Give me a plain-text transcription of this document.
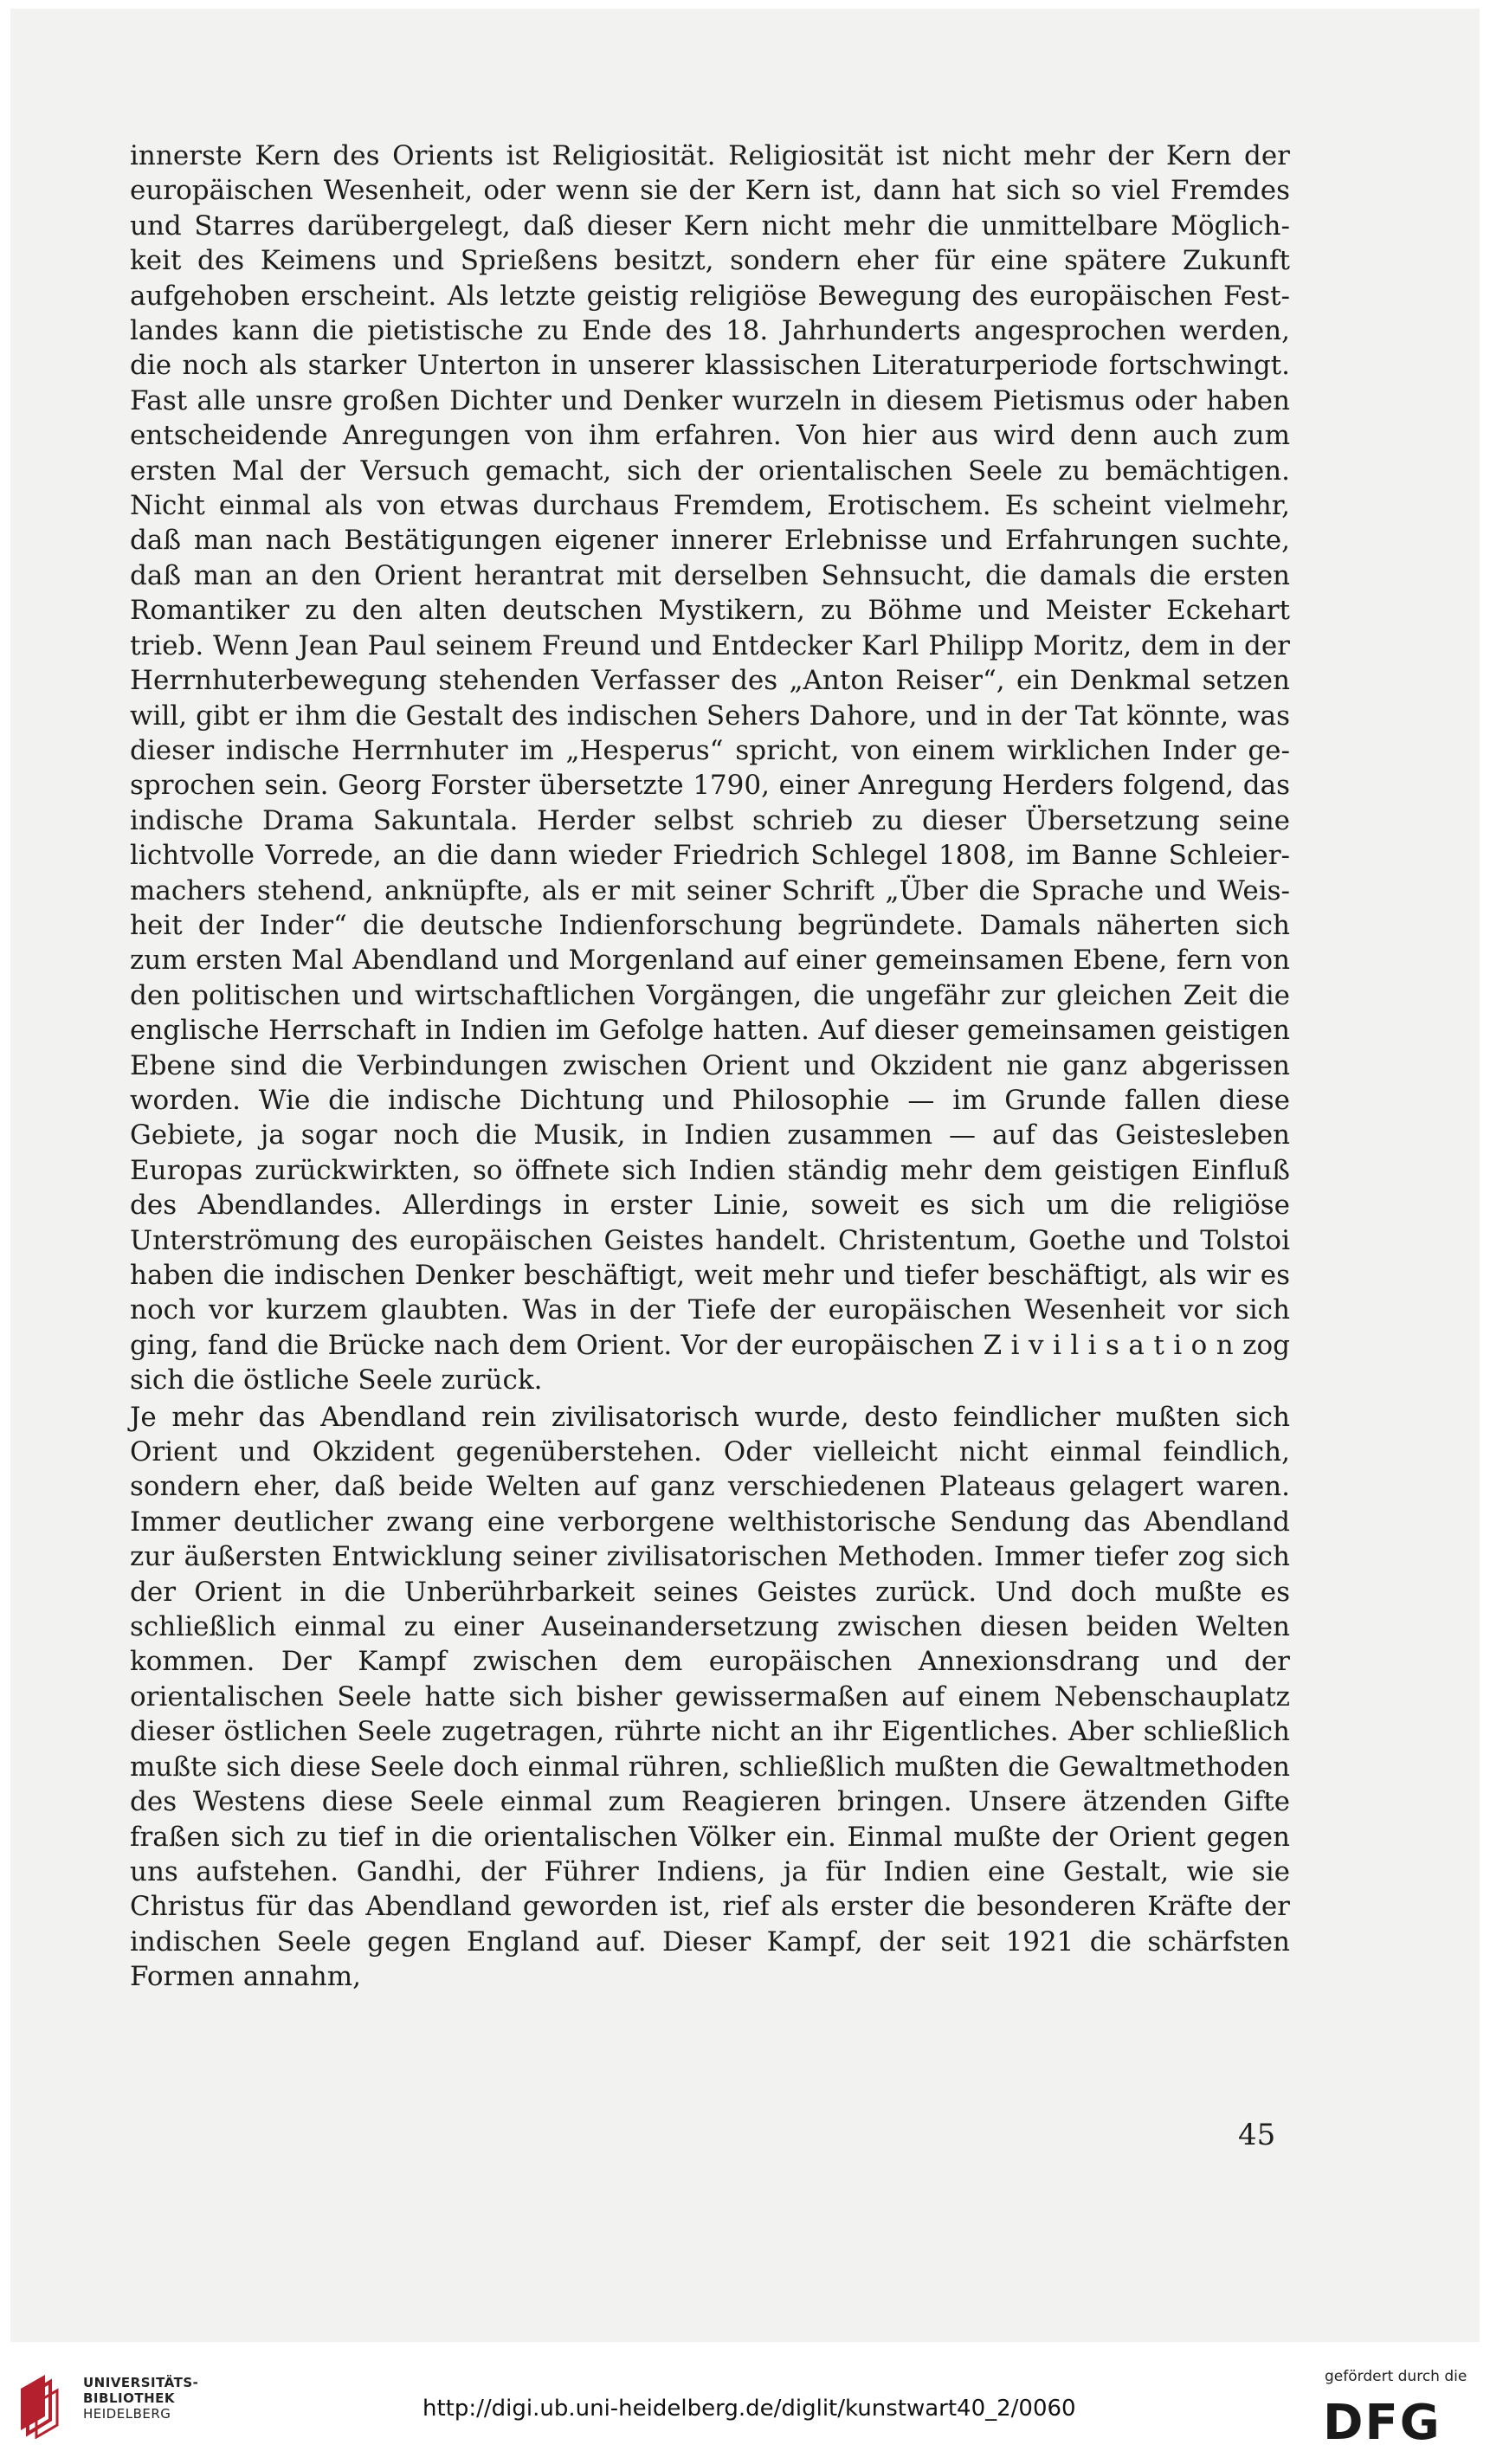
innerste Kern des Orients ist Religiosität. Religiosität ist nicht mehr der Kern der europäischen Wesenheit, oder wenn sie der Kern ist, dann hat sich so viel Fremdes und Starres darübergelegt, daß dieser Kern nicht mehr die unmittelbare Möglichkeit des Keimens und Sprießens besitzt, sondern eher für eine spätere Zukunft aufgehoben erscheint. Als letzte geistig religiöse Bewegung des europäischen Festlandes kann die pietistische zu Ende des 18. Jahrhunderts angesprochen werden, die noch als starker Unterton in unserer klassischen Literaturperiode fortschwingt. Fast alle unsre großen Dichter und Denker wurzeln in diesem Pietismus oder haben entscheidende Anregungen von ihm erfahren. Von hier aus wird denn auch zum ersten Mal der Versuch gemacht, sich der orientalischen Seele zu bemächtigen. Nicht einmal als von etwas durchaus Fremdem, Erotischem. Es scheint vielmehr, daß man nach Bestätigungen eigener innerer Erlebnisse und Erfahrungen suchte, daß man an den Orient herantrat mit derselben Sehnsucht, die damals die ersten Romantiker zu den alten deutschen Mystikern, zu Böhme und Meister Eckehart trieb. Wenn Jean Paul seinem Freund und Entdecker Karl Philipp Moritz, dem in der Herrnhuterbewegung stehenden Verfasser des „Anton Reiser“, ein Denkmal setzen will, gibt er ihm die Gestalt des indischen Sehers Dahore, und in der Tat könnte, was dieser indische Herrnhuter im „Hesperus“ spricht, von einem wirklichen Inder gesprochen sein. Georg Forster übersetzte 1790, einer Anregung Herders folgend, das indische Drama Sakuntala. Herder selbst schrieb zu dieser Übersetzung seine lichtvolle Vorrede, an die dann wieder Friedrich Schlegel 1808, im Banne Schleiermachers stehend, anknüpfte, als er mit seiner Schrift „Über die Sprache und Weisheit der Inder“ die deutsche Indienforschung begründete. Damals näherten sich zum ersten Mal Abendland und Morgenland auf einer gemeinsamen Ebene, fern von den politischen und wirtschaftlichen Vorgängen, die ungefähr zur gleichen Zeit die englische Herrschaft in Indien im Gefolge hatten. Auf dieser gemeinsamen geistigen Ebene sind die Verbindungen zwischen Orient und Okzident nie ganz abgerissen worden. Wie die indische Dichtung und Philosophie — im Grunde fallen diese Gebiete, ja sogar noch die Musik, in Indien zusammen — auf das Geistesleben Europas zurückwirkten, so öffnete sich Indien ständig mehr dem geistigen Einfluß des Abendlandes. Allerdings in erster Linie, soweit es sich um die religiöse Unterströmung des europäischen Geistes handelt. Christentum, Goethe und Tolstoi haben die indischen Denker beschäftigt, weit mehr und tiefer beschäftigt, als wir es noch vor kurzem glaubten. Was in der Tiefe der europäischen Wesenheit vor sich ging, fand die Brücke nach dem Orient. Vor der europäischen Z i v i l i s a t i o n zog sich die östliche Seele zurück.

Je mehr das Abendland rein zivilisatorisch wurde, desto feindlicher mußten sich Orient und Okzident gegenüberstehen. Oder vielleicht nicht einmal feindlich, sondern eher, daß beide Welten auf ganz verschiedenen Plateaus gelagert waren. Immer deutlicher zwang eine verborgene welthistorische Sendung das Abendland zur äußersten Entwicklung seiner zivilisatorischen Methoden. Immer tiefer zog sich der Orient in die Unberührbarkeit seines Geistes zurück. Und doch mußte es schließlich einmal zu einer Auseinandersetzung zwischen diesen beiden Welten kommen. Der Kampf zwischen dem europäischen Annexionsdrang und der orientalischen Seele hatte sich bisher gewissermaßen auf einem Nebenschauplatz dieser östlichen Seele zugetragen, rührte nicht an ihr Eigentliches. Aber schließlich mußte sich diese Seele doch einmal rühren, schließlich mußten die Gewaltmethoden des Westens diese Seele einmal zum Reagieren bringen. Unsere ätzenden Gifte fraßen sich zu tief in die orientalischen Völker ein. Einmal mußte der Orient gegen uns aufstehen. Gandhi, der Führer Indiens, ja für Indien eine Gestalt, wie sie Christus für das Abendland geworden ist, rief als erster die besonderen Kräfte der indischen Seele gegen England auf. Dieser Kampf, der seit 1921 die schärfsten Formen annahm,

45
UNIVERSITÄTS-
BIBLIOTHEK
HEIDELBERG	http://digi.ub.uni-heidelberg.de/diglit/kunstwart40_2/0060
gefördert durch die
DFG
